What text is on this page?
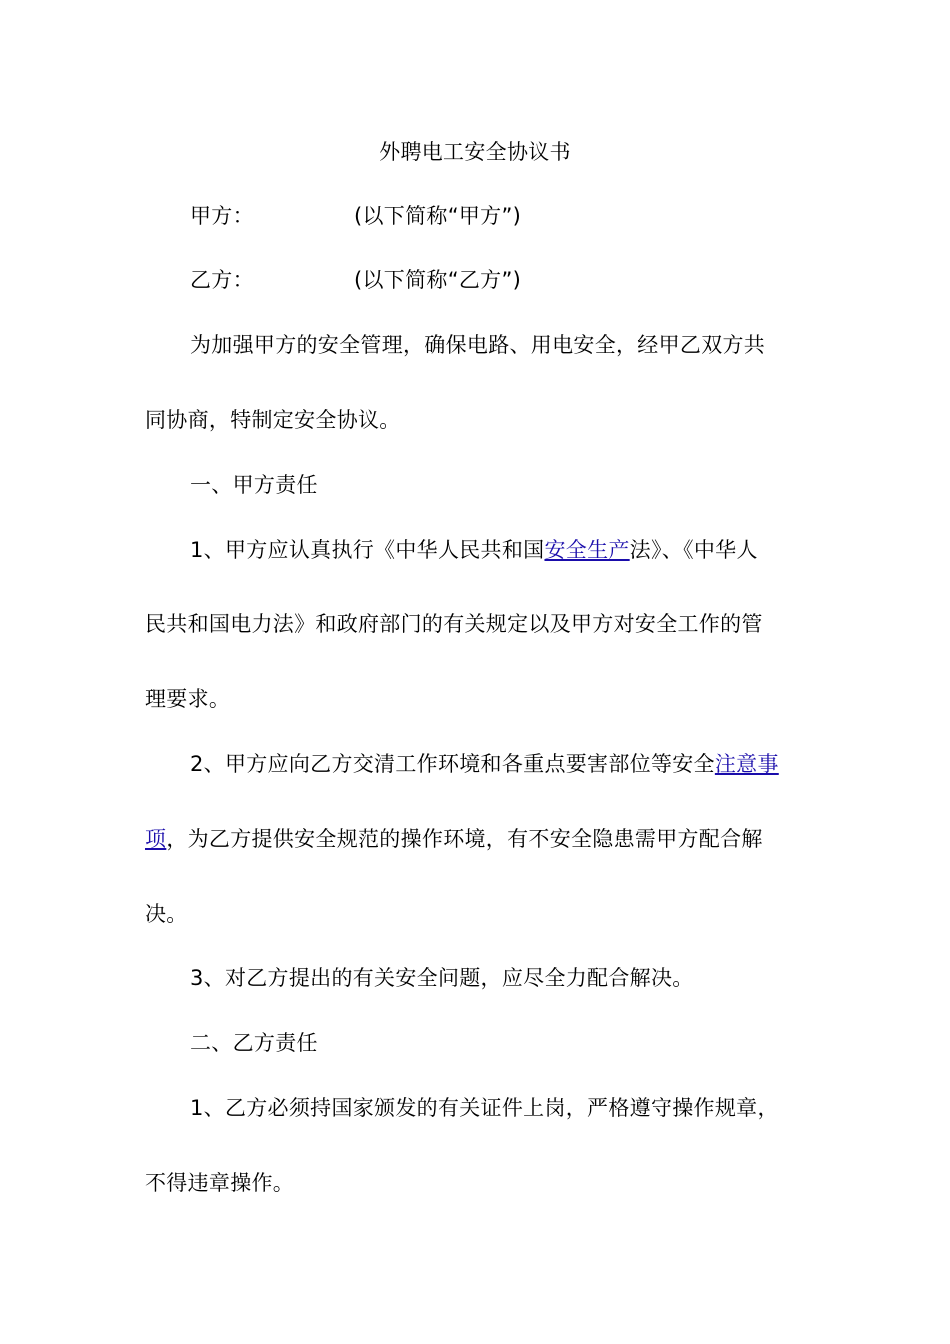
外聘电工安全协议书
甲方：	(以下简称“甲方”)
乙方：	(以下简称“乙方”)
为加强甲方的安全管理，确保电路、用电安全，经甲乙双方共
同协商，特制定安全协议。
一、甲方责任
1、甲方应认真执行《中华人民共和国安全生产法》、《中华人
民共和国电力法》和政府部门的有关规定以及甲方对安全工作的管
理要求。
2、甲方应向乙方交清工作环境和各重点要害部位等安全注意事
项，为乙方提供安全规范的操作环境，有不安全隐患需甲方配合解
决。
3、对乙方提出的有关安全问题，应尽全力配合解决。
二、乙方责任
1、乙方必须持国家颁发的有关证件上岗，严格遵守操作规章，
不得违章操作。
